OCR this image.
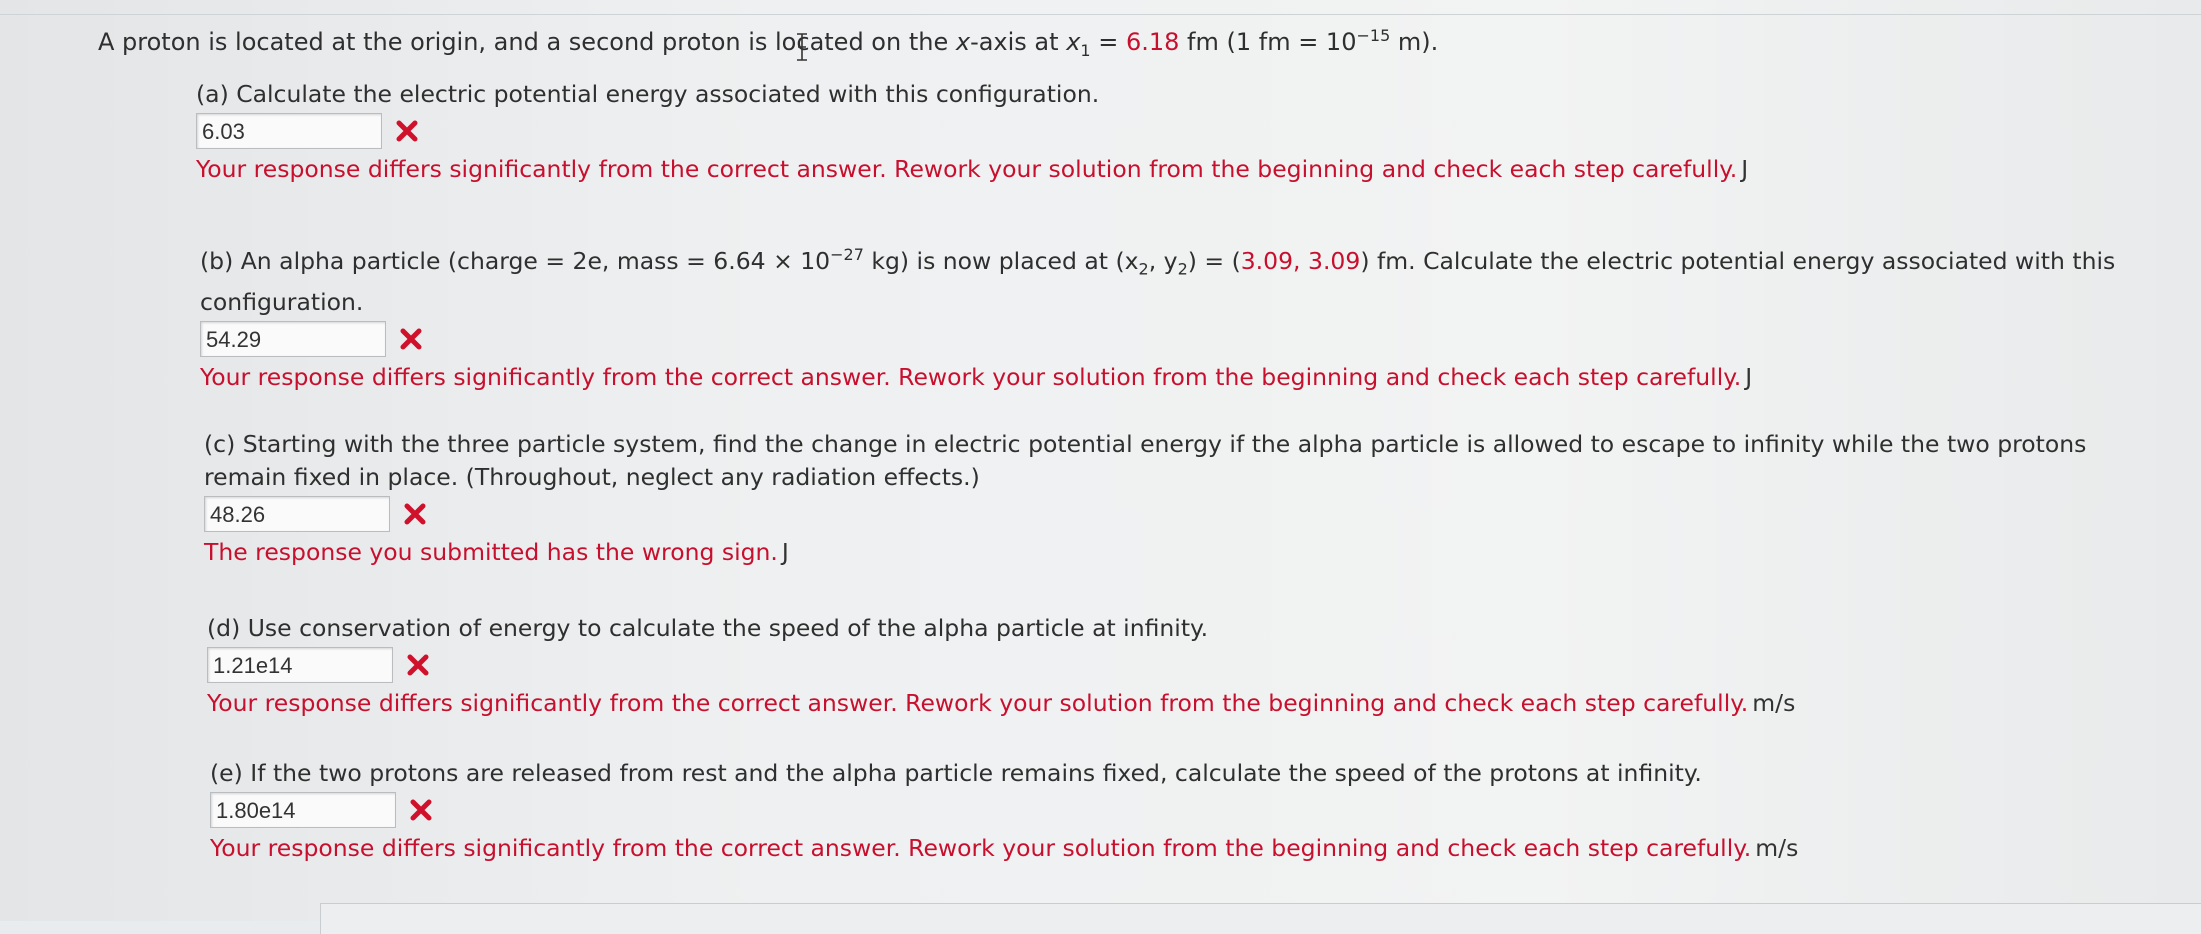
A proton is located at the origin, and a second proton is located on the x-axis at $x_1 = 6.18$ fm (1 fm = $10^{-15}$ m).
(a) Calculate the electric potential energy associated with this configuration.
6.03
Your response differs significantly from the correct answer. Rework your solution from the beginning and check each step carefully. J
(b) An alpha particle (charge = 2e, mass = $6.64 \times 10^{-27}$ kg) is now placed at ($x_2$, $y_2) = (3.09$, 3.09) fm. Calculate the electric potential energy associated with this configuration.
54.29
Your response differs significantly from the correct answer. Rework your solution from the beginning and check each step carefully. J
(c) Starting with the three particle system, find the change in electric potential energy if the alpha particle is allowed to escape to infinity while the two protons remain fixed in place. (Throughout, neglect any radiation effects.)
48.26
The response you submitted has the wrong sign. J
(d) Use conservation of energy to calculate the speed of the alpha particle at infinity.
1.21e14
Your response differs significantly from the correct answer. Rework your solution from the beginning and check each step carefully. m/s
(e) If the two protons are released from rest and the alpha particle remains fixed, calculate the speed of the protons at infinity.
1.80e14
Your response differs significantly from the correct answer. Rework your solution from the beginning and check each step carefully. m/s
